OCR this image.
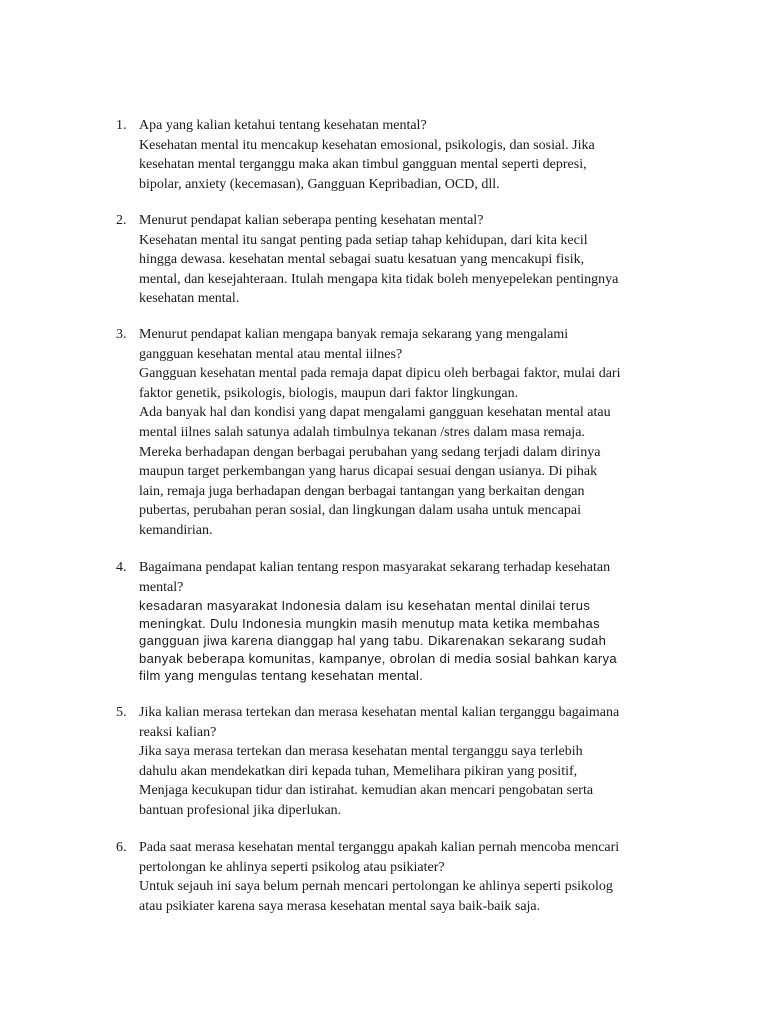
1. Apa yang kalian ketahui tentang kesehatan mental?
Kesehatan mental itu mencakup kesehatan emosional, psikologis, dan sosial. Jika
kesehatan mental terganggu maka akan timbul gangguan mental seperti depresi,
bipolar, anxiety (kecemasan), Gangguan Kepribadian, OCD, dll.
2. Menurut pendapat kalian seberapa penting kesehatan mental?
Kesehatan mental itu sangat penting pada setiap tahap kehidupan, dari kita kecil
hingga dewasa. kesehatan mental sebagai suatu kesatuan yang mencakupi fisik,
mental, dan kesejahteraan. Itulah mengapa kita tidak boleh menyepelekan pentingnya
kesehatan mental.
3. Menurut pendapat kalian mengapa banyak remaja sekarang yang mengalami
gangguan kesehatan mental atau mental iilnes?
Gangguan kesehatan mental pada remaja dapat dipicu oleh berbagai faktor, mulai dari
faktor genetik, psikologis, biologis, maupun dari faktor lingkungan.
Ada banyak hal dan kondisi yang dapat mengalami gangguan kesehatan mental atau
mental iilnes salah satunya adalah timbulnya tekanan /stres dalam masa remaja.
Mereka berhadapan dengan berbagai perubahan yang sedang terjadi dalam dirinya
maupun target perkembangan yang harus dicapai sesuai dengan usianya. Di pihak
lain, remaja juga berhadapan dengan berbagai tantangan yang berkaitan dengan
pubertas, perubahan peran sosial, dan lingkungan dalam usaha untuk mencapai
kemandirian.
4. Bagaimana pendapat kalian tentang respon masyarakat sekarang terhadap kesehatan
mental?
kesadaran masyarakat Indonesia dalam isu kesehatan mental dinilai terus
meningkat. Dulu Indonesia mungkin masih menutup mata ketika membahas
gangguan jiwa karena dianggap hal yang tabu. Dikarenakan sekarang sudah
banyak beberapa komunitas, kampanye, obrolan di media sosial bahkan karya
film yang mengulas tentang kesehatan mental.
5. Jika kalian merasa tertekan dan merasa kesehatan mental kalian terganggu bagaimana
reaksi kalian?
Jika saya merasa tertekan dan merasa kesehatan mental terganggu saya terlebih
dahulu akan mendekatkan diri kepada tuhan, Memelihara pikiran yang positif,
Menjaga kecukupan tidur dan istirahat. kemudian akan mencari pengobatan serta
bantuan profesional jika diperlukan.
6. Pada saat merasa kesehatan mental terganggu apakah kalian pernah mencoba mencari
pertolongan ke ahlinya seperti psikolog atau psikiater?
Untuk sejauh ini saya belum pernah mencari pertolongan ke ahlinya seperti psikolog
atau psikiater karena saya merasa kesehatan mental saya baik-baik saja.
